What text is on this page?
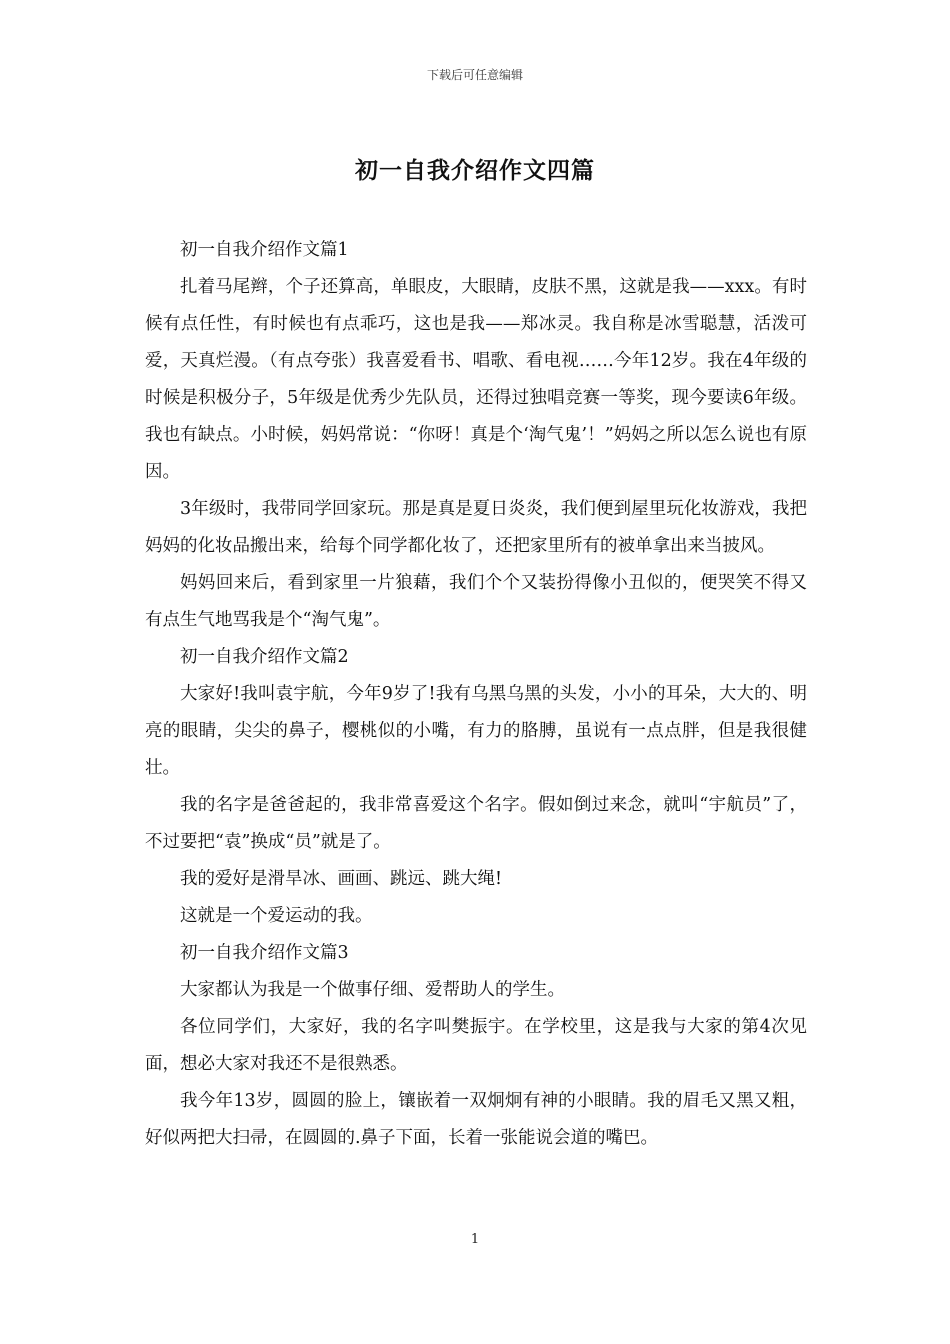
下载后可任意编辑
初一自我介绍作文四篇

初一自我介绍作文篇1

扎着马尾辫，个子还算高，单眼皮，大眼睛，皮肤不黑，这就是我——xxx。有时候有点任性，有时候也有点乖巧，这也是我——郑冰灵。我自称是冰雪聪慧，活泼可爱，天真烂漫。（有点夸张）我喜爱看书、唱歌、看电视……今年12岁。我在4年级的时候是积极分子，5年级是优秀少先队员，还得过独唱竞赛一等奖，现今要读6年级。我也有缺点。小时候，妈妈常说：“你呀！真是个‘淘气鬼’！”妈妈之所以怎么说也有原因。

3年级时，我带同学回家玩。那是真是夏日炎炎，我们便到屋里玩化妆游戏，我把妈妈的化妆品搬出来，给每个同学都化妆了，还把家里所有的被单拿出来当披风。

妈妈回来后，看到家里一片狼藉，我们个个又装扮得像小丑似的，便哭笑不得又有点生气地骂我是个“淘气鬼”。

初一自我介绍作文篇2

大家好!我叫袁宇航，今年9岁了!我有乌黑乌黑的头发，小小的耳朵，大大的、明亮的眼睛，尖尖的鼻子，樱桃似的小嘴，有力的胳膊，虽说有一点点胖，但是我很健壮。

我的名字是爸爸起的，我非常喜爱这个名字。假如倒过来念，就叫“宇航员”了，不过要把“袁”换成“员”就是了。

我的爱好是滑旱冰、画画、跳远、跳大绳!

这就是一个爱运动的我。

初一自我介绍作文篇3

大家都认为我是一个做事仔细、爱帮助人的学生。

各位同学们，大家好，我的名字叫樊振宇。在学校里，这是我与大家的第4次见面，想必大家对我还不是很熟悉。

我今年13岁，圆圆的脸上，镶嵌着一双炯炯有神的小眼睛。我的眉毛又黑又粗，好似两把大扫帚，在圆圆的.鼻子下面，长着一张能说会道的嘴巴。

1
